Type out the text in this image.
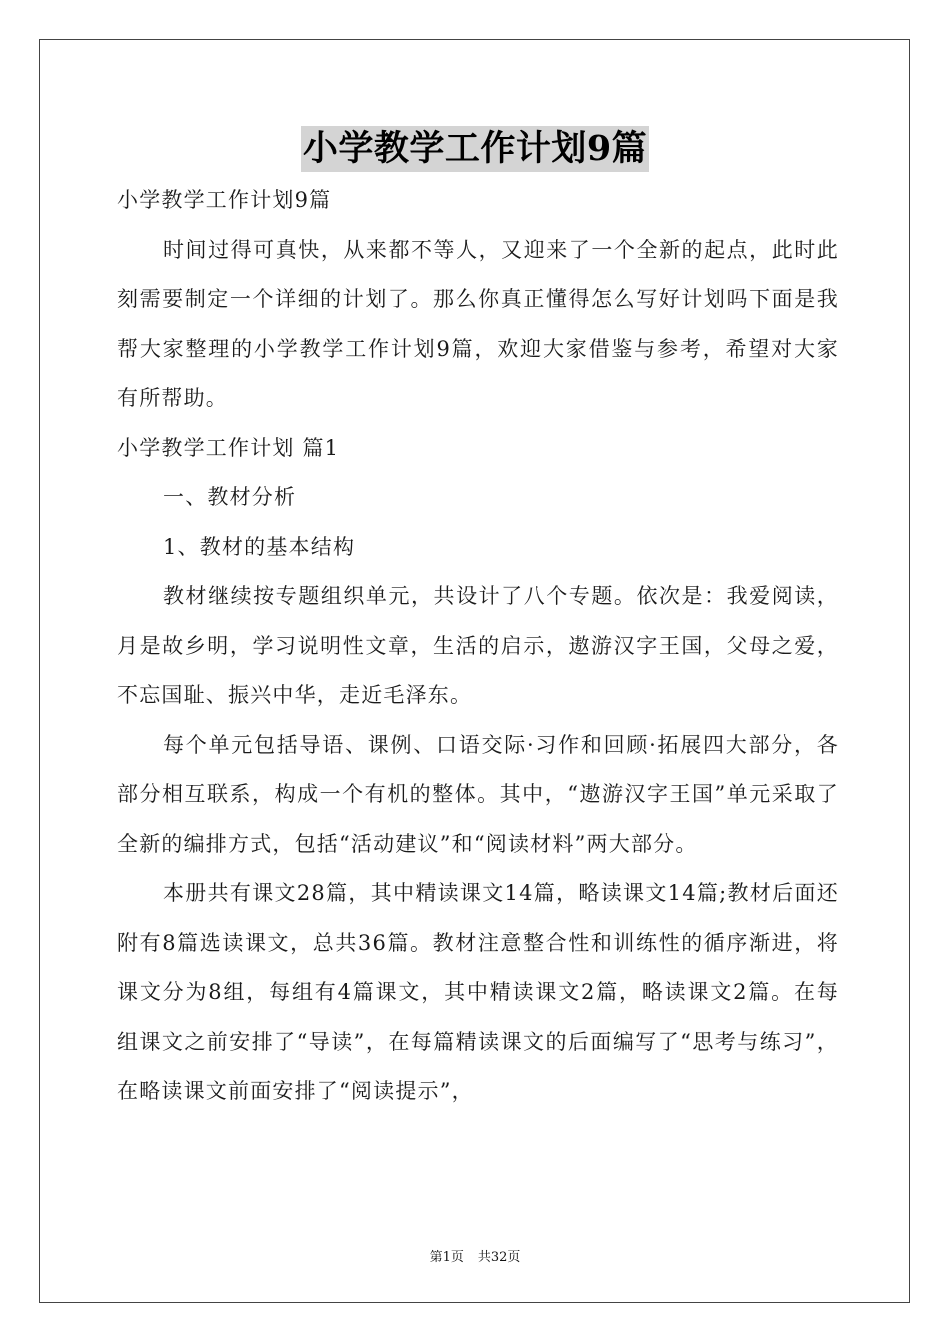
小学教学工作计划9篇

小学教学工作计划9篇

时间过得可真快，从来都不等人，又迎来了一个全新的起点，此时此刻需要制定一个详细的计划了。那么你真正懂得怎么写好计划吗下面是我帮大家整理的小学教学工作计划9篇，欢迎大家借鉴与参考，希望对大家有所帮助。

小学教学工作计划 篇1

一、教材分析

1、教材的基本结构

教材继续按专题组织单元，共设计了八个专题。依次是：我爱阅读，月是故乡明，学习说明性文章，生活的启示，遨游汉字王国，父母之爱，不忘国耻、振兴中华，走近毛泽东。

每个单元包括导语、课例、口语交际·习作和回顾·拓展四大部分，各部分相互联系，构成一个有机的整体。其中，“遨游汉字王国”单元采取了全新的编排方式，包括“活动建议”和“阅读材料”两大部分。

本册共有课文28篇，其中精读课文14篇，略读课文14篇;教材后面还附有8篇选读课文，总共36篇。教材注意整合性和训练性的循序渐进，将课文分为8组，每组有4篇课文，其中精读课文2篇，略读课文2篇。在每组课文之前安排了“导读”，在每篇精读课文的后面编写了“思考与练习”，在略读课文前面安排了“阅读提示”，

第1页 共32页
